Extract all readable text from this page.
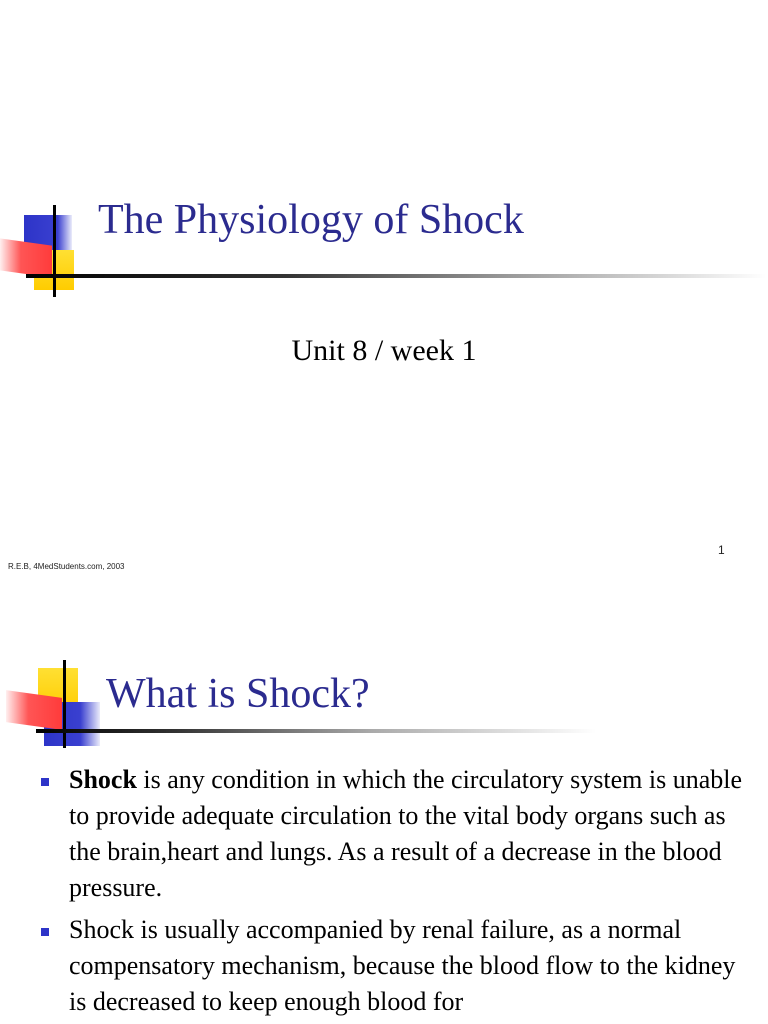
The Physiology of Shock

Unit 8 / week 1

R.E.B, 4MedStudents.com, 2003
1
What is Shock?
Shock is any condition in which the circulatory system is unable to provide adequate circulation to the vital body organs such as the brain,heart and lungs. As a result of a decrease in the blood pressure.
Shock is usually accompanied by renal failure, as a normal compensatory mechanism, because the blood flow to the kidney is decreased to keep enough blood for
